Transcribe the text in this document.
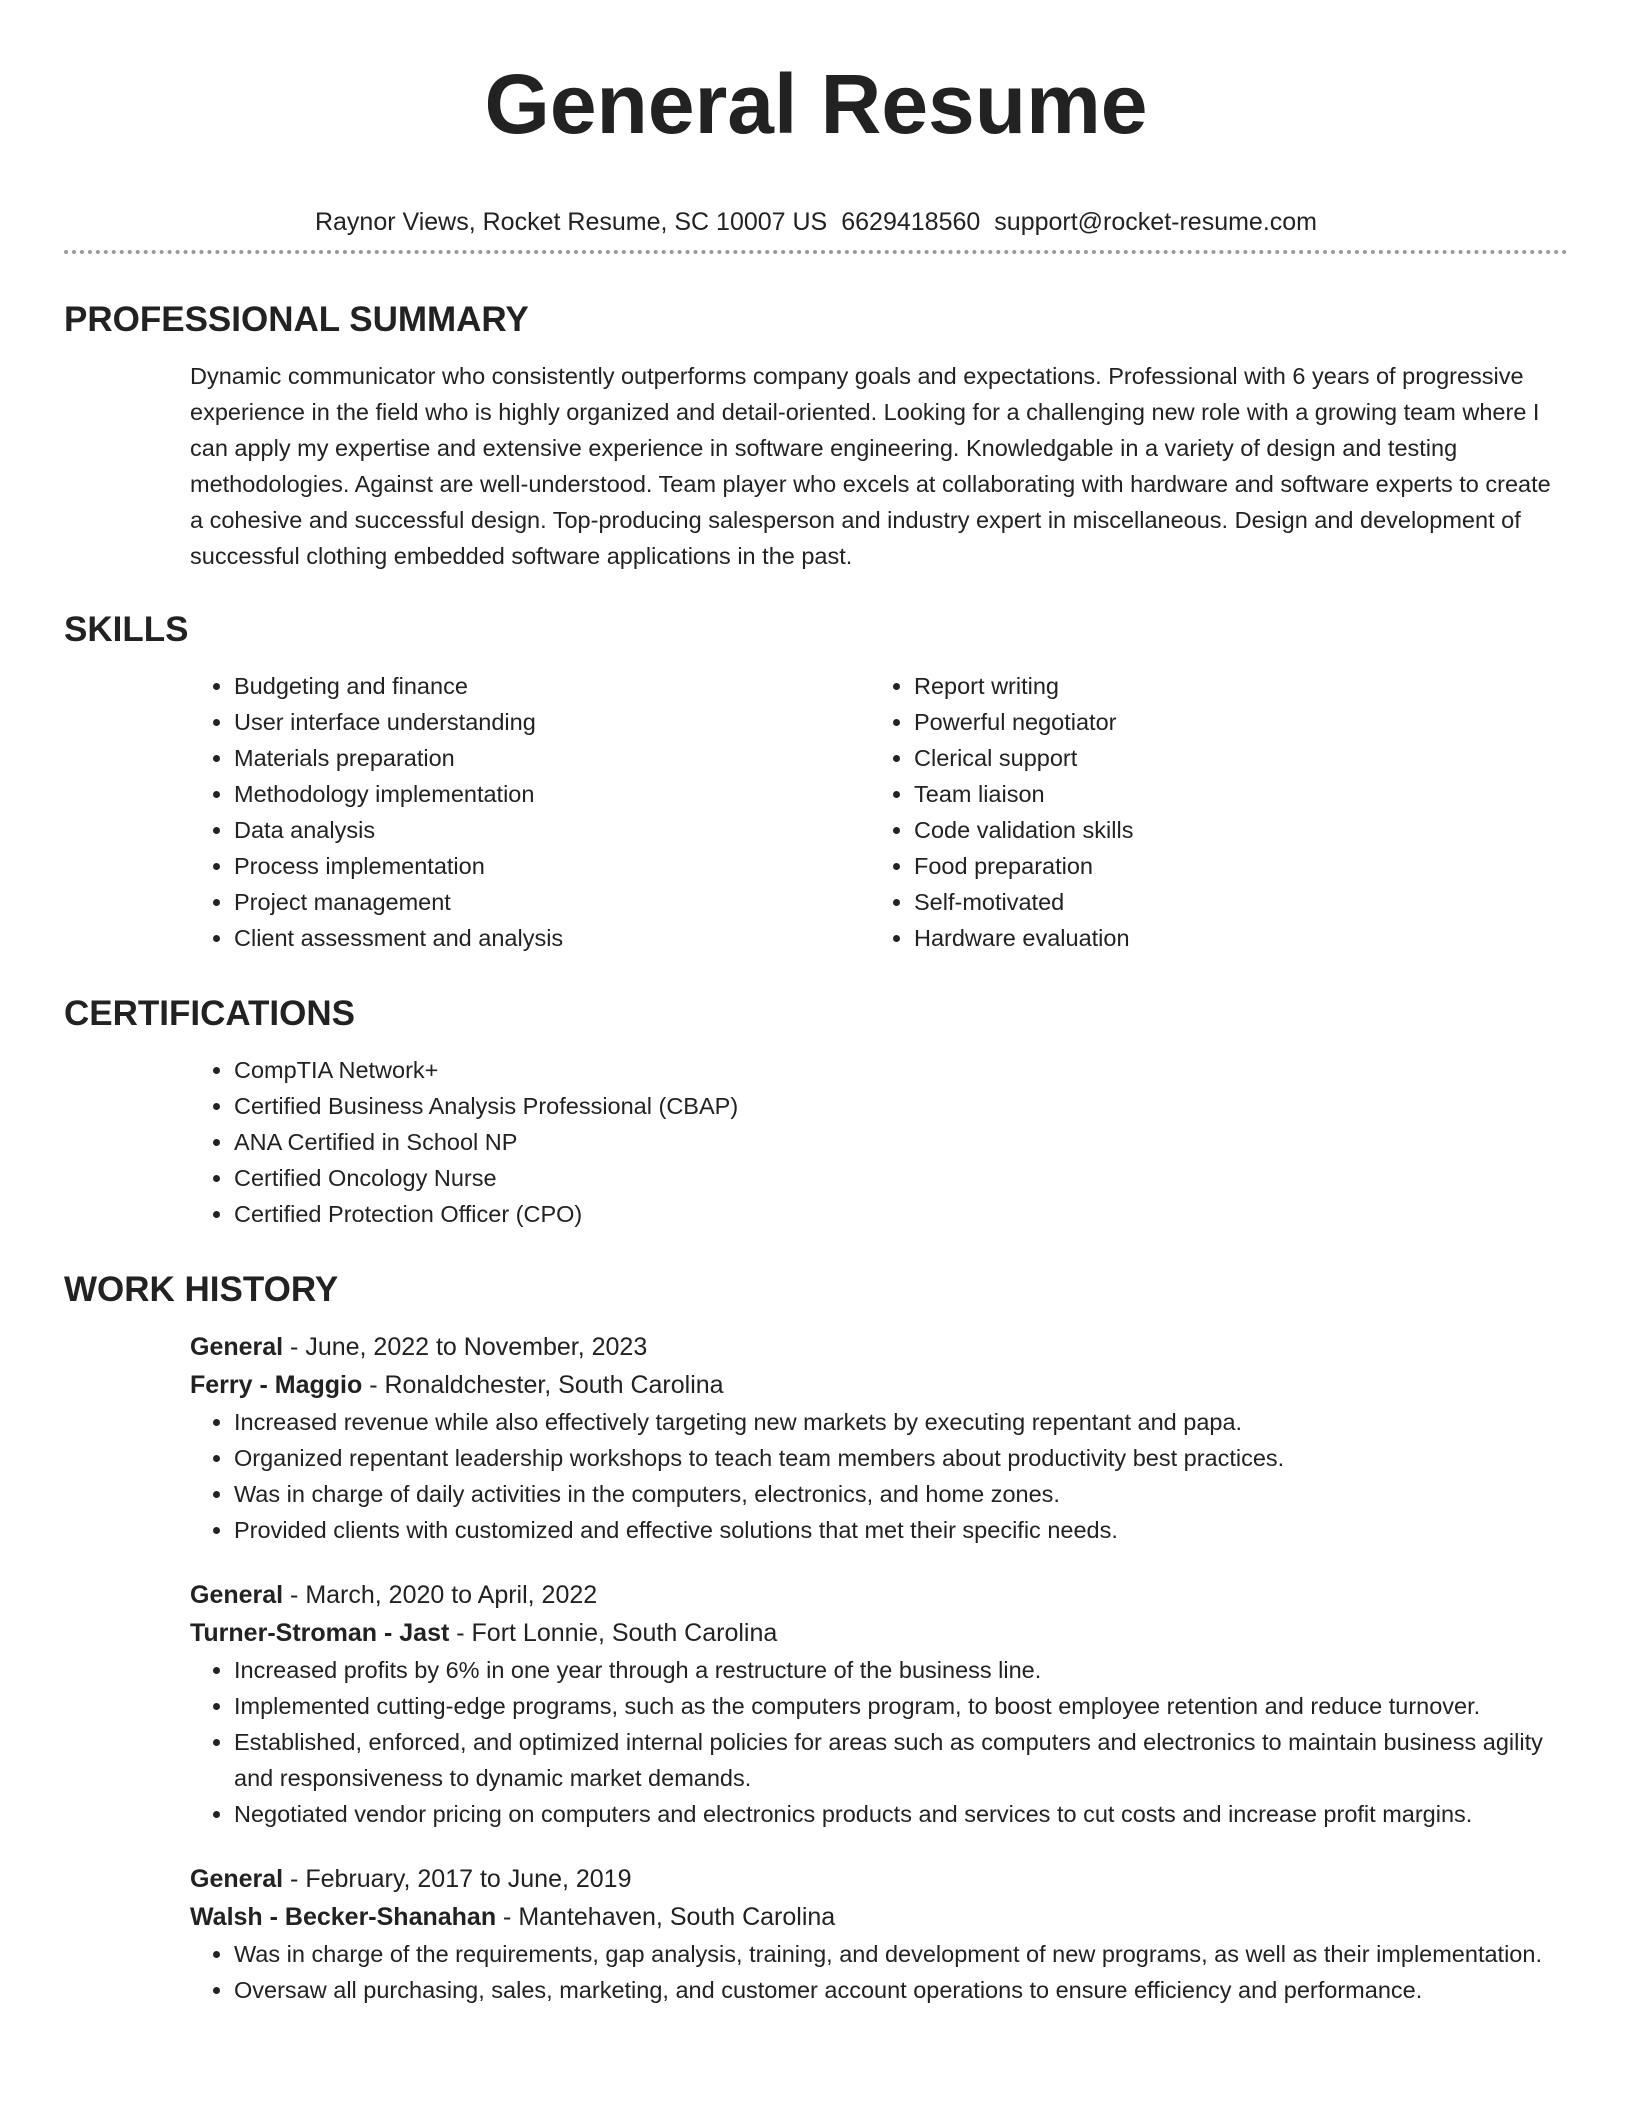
General Resume
Raynor Views, Rocket Resume, SC 10007 US 6629418560 support@rocket-resume.com
PROFESSIONAL SUMMARY
Dynamic communicator who consistently outperforms company goals and expectations. Professional with 6 years of progressive experience in the field who is highly organized and detail-oriented. Looking for a challenging new role with a growing team where I can apply my expertise and extensive experience in software engineering. Knowledgable in a variety of design and testing methodologies. Against are well-understood. Team player who excels at collaborating with hardware and software experts to create a cohesive and successful design. Top-producing salesperson and industry expert in miscellaneous. Design and development of successful clothing embedded software applications in the past.
SKILLS
• Budgeting and finance
• User interface understanding
• Materials preparation
• Methodology implementation
• Data analysis
• Process implementation
• Project management
• Client assessment and analysis
• Report writing
• Powerful negotiator
• Clerical support
• Team liaison
• Code validation skills
• Food preparation
• Self-motivated
• Hardware evaluation
CERTIFICATIONS
• CompTIA Network+
• Certified Business Analysis Professional (CBAP)
• ANA Certified in School NP
• Certified Oncology Nurse
• Certified Protection Officer (CPO)
WORK HISTORY
General - June, 2022 to November, 2023
Ferry - Maggio - Ronaldchester, South Carolina
• Increased revenue while also effectively targeting new markets by executing repentant and papa.
• Organized repentant leadership workshops to teach team members about productivity best practices.
• Was in charge of daily activities in the computers, electronics, and home zones.
• Provided clients with customized and effective solutions that met their specific needs.
General - March, 2020 to April, 2022
Turner-Stroman - Jast - Fort Lonnie, South Carolina
• Increased profits by 6% in one year through a restructure of the business line.
• Implemented cutting-edge programs, such as the computers program, to boost employee retention and reduce turnover.
• Established, enforced, and optimized internal policies for areas such as computers and electronics to maintain business agility and responsiveness to dynamic market demands.
• Negotiated vendor pricing on computers and electronics products and services to cut costs and increase profit margins.
General - February, 2017 to June, 2019
Walsh - Becker-Shanahan - Mantehaven, South Carolina
• Was in charge of the requirements, gap analysis, training, and development of new programs, as well as their implementation.
• Oversaw all purchasing, sales, marketing, and customer account operations to ensure efficiency and performance.
